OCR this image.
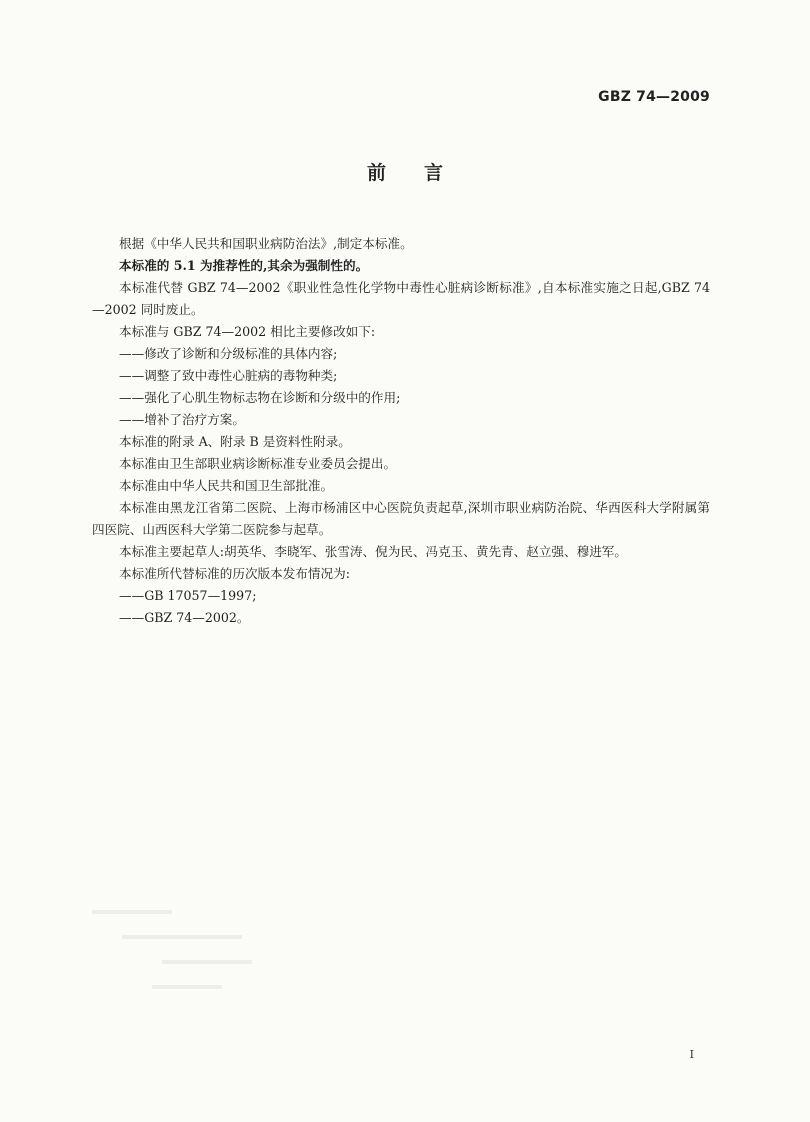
GBZ 74—2009
前言

根据《中华人民共和国职业病防治法》,制定本标准。

本标准的 5.1 为推荐性的,其余为强制性的。

本标准代替 GBZ 74—2002《职业性急性化学物中毒性心脏病诊断标准》,自本标准实施之日起,GBZ 74—2002 同时废止。

本标准与 GBZ 74—2002 相比主要修改如下:

——修改了诊断和分级标准的具体内容;

——调整了致中毒性心脏病的毒物种类;

——强化了心肌生物标志物在诊断和分级中的作用;

——增补了治疗方案。

本标准的附录 A、附录 B 是资料性附录。

本标准由卫生部职业病诊断标准专业委员会提出。

本标准由中华人民共和国卫生部批准。

本标准由黑龙江省第二医院、上海市杨浦区中心医院负责起草,深圳市职业病防治院、华西医科大学附属第四医院、山西医科大学第二医院参与起草。

本标准主要起草人:胡英华、李晓军、张雪涛、倪为民、冯克玉、黄先青、赵立强、穆进军。

本标准所代替标准的历次版本发布情况为:

——GB 17057—1997;

——GBZ 74—2002。

I
